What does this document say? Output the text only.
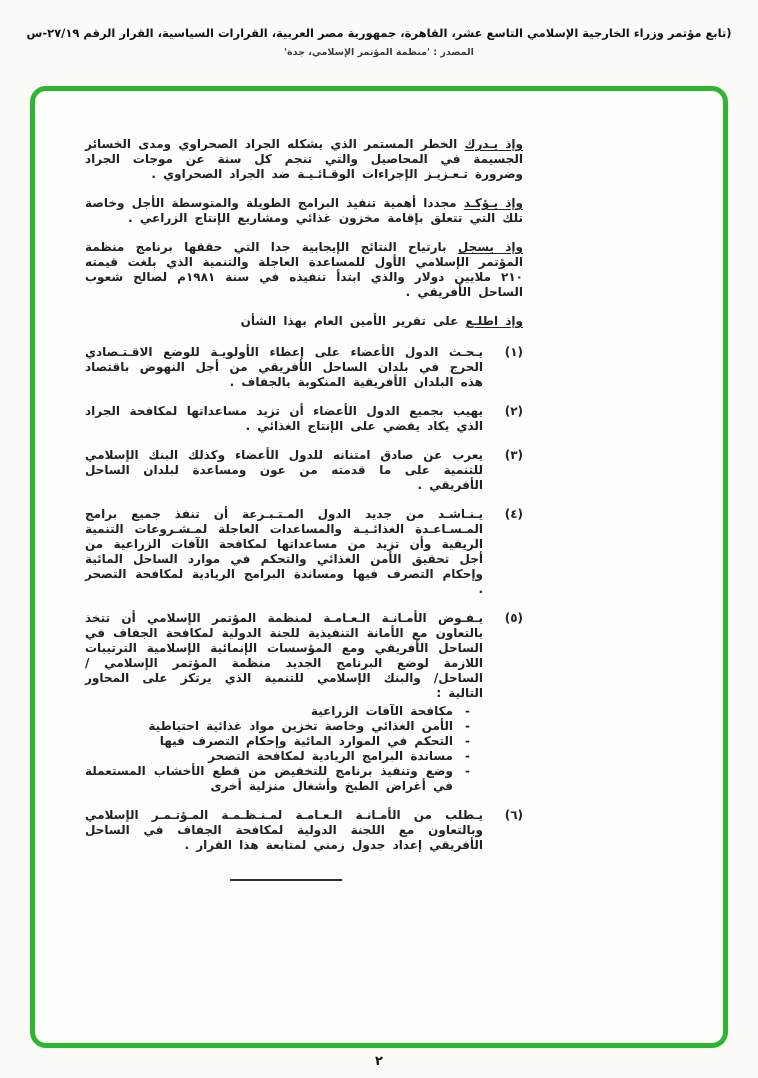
(تابع مؤتمر وزراء الخارجية الإسلامي التاسع عشر، القاهرة، جمهورية مصر العربية، القرارات السياسية، القرار الرقم ٢٧/١٩-س
المصدر : 'منظمة المؤتمر الإسلامي، جدة'

وإذ يـدرك الخطر المستمر الذي يشكله الجراد الصحراوي ومدى الخسائر الجسيمة في المحاصيل والتي تنجم كل سنة عن موجات الجراد وضرورة تـعـزيـز الإجراءات الوقـائـيـة ضد الجراد الصحراوي .

وإذ يـؤكـد مجددا أهمية تنفيذ البرامج الطويلة والمتوسطة الأجل وخاصة تلك التي تتعلق بإقامة مخزون غذائي ومشاريع الإنتاج الزراعي .

وإذ يسجل بارتياح النتائج الإيجابية جدا التي حققها برنامج منظمة المؤتمر الإسلامي الأول للمساعدة العاجلة والتنمية الذي بلغت قيمته ٢١٠ ملايين دولار والذي ابتدأ تنفيذه في سنة ١٩٨١م لصالح شعوب الساحل الأفريقي .

وإذ اطلـع على تقرير الأمين العام بهذا الشأن

(١)
يـحـث الدول الأعضاء على إعطاء الأولويـة للوضع الاقـتـصادي الحرج في بلدان الساحل الأفريقي من أجل النهوض باقتصاد هذه البلدان الأفريقية المنكوبة بالجفاف .
(٢)
يهيب بجميع الدول الأعضاء أن تزيد مساعداتها لمكافحة الجراد الذي يكاد يقضي على الإنتاج الغذائي .
(٣)
يعرب عن صادق امتنانه للدول الأعضاء وكذلك البنك الإسلامي للتنمية على ما قدمته من عون ومساعدة لبلدان الساحل الأفريقي .
(٤)
يـنـاشـد من جديد الدول المـتـبـرعة أن تنفذ جميع برامج المـسـاعـدة الغذائـيـة والمساعدات العاجلة لمـشـروعات التنمية الريفية وأن تزيد من مساعداتها لمكافحة الآفات الزراعية من أجل تحقيق الأمن الغذائي والتحكم في موارد الساحل المائية وإحكام التصرف فيها ومساندة البرامج الريادية لمكافحة التصحر .
(٥)
يـفـوض الأمـانـة الـعـامـة لمنظمة المؤتمر الإسلامي أن تتخذ بالتعاون مع الأمانة التنفيذية للجنة الدولية لمكافحة الجفاف في الساحل الأفريقي ومع المؤسسات الإنمائية الإسلامية الترتيبات اللازمة لوضع البرنامج الجديد منظمة المؤتمر الإسلامي / الساحل/ والبنك الإسلامي للتنمية الذي يرتكز على المحاور التالية :
-
مكافحة الآفات الزراعية
-
الأمن الغذائي وخاصة تخزين مواد غذائية احتياطية
-
التحكم في الموارد المائية وإحكام التصرف فيها
-
مساندة البرامج الريادية لمكافحة التصحر
-
وضع وتنفيذ برنامج للتخفيض من قطع الأخشاب المستعملة في أغراض الطبخ وأشغال منزلية أخرى
(٦)
يـطلب من الأمـانـة الـعـامـة لمـنـظـمـة المـؤتـمـر الإسلامي وبالتعاون مع اللجنة الدولية لمكافحة الجفاف في الساحل الأفريقي إعداد جدول زمني لمتابعة هذا القرار .
٢
